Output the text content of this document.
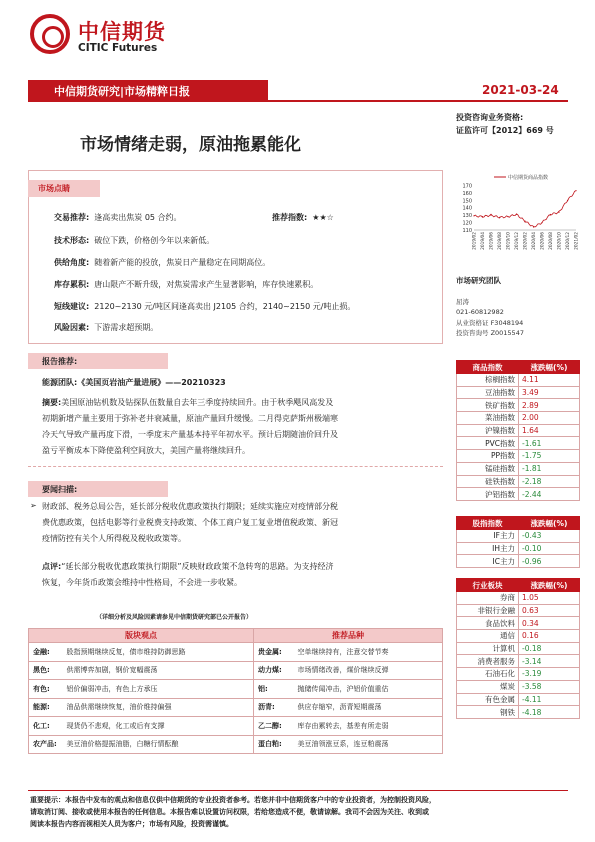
中信期货
CITIC Futures
中信期货研究|市场精粹日报	2021-03-24
投资咨询业务资格:
证监许可【2012】669 号
市场情绪走弱，原油拖累能化
市场点睛
交易推荐: 逢高卖出焦炭 05 合约。	推荐指数: ★★☆
技术形态: 破位下跌，价格创今年以来新低。
供给角度: 随着新产能的投放，焦炭日产量稳定在同期高位。
库存累积: 唐山限产不断升级，对焦炭需求产生显著影响，库存快速累积。
短线建议: 2120~2130 元/吨区间逢高卖出 J2105 合约，2140~2150 元/吨止损。
风险因素: 下游需求超预期。
中信期货商品指数
110
120
130
140
150
160
170
2019/02 2019/04 2019/06 2019/08 2019/10 2019/12 2020/02 2020/04 2020/06 2020/08 2020/10 2020/12 2021/02
市场研究团队
屈涛
021-60812982
从业资格证 F3048194
投资咨询号 Z0015547
报告推荐:
能源团队:《美国页岩油产量进展》——20210323
摘要:美国原油钻机数及钻探队伍数量自去年三季度持续回升。由于秋季飓风高发及
初期新增产量主要用于弥补老井衰减量，原油产量回升缓慢。二月得克萨斯州极端寒
冷天气导致产量再度下滑，一季度末产量基本持平年初水平。预计后期随油价回升及
盈亏平衡成本下降使盈利空间放大，美国产量将继续回升。
要闻扫描:
➢ 财政部、税务总局公告，延长部分税收优惠政策执行期限；延续实施应对疫情部分税
费优惠政策，包括电影等行业税费支持政策、个体工商户复工复业增值税政策、新冠
疫情防控有关个人所得税及税收政策等。
点评:“延长部分税收优惠政策执行期限”反映财政政策不急转弯的思路。为支持经济
恢复，今年货币政策会维持中性格局，不会进一步收紧。
（详细分析及风险因素请参见中信期货研究部已公开报告）
版块观点		推荐品种	
金融:	股指预期继续反复，债市维持防御思路	贵金属:	空单继续持有，注意交替节奏
黑色:	供需博弈加剧，钢价宽幅震荡	动力煤:	市场情绪改善，煤价继续反弹
有色:	铝价偏弱冲击，有色上方承压	铝:	抛储传闻冲击，沪铝价值重估
能源:	油品供需继续恢复，油价维持偏强	沥青:	供应存缩窄，沥青短期震荡
化工:	现货仍不悲观，化工或后有支撑	乙二醇:	库存由累转去，基差有所走弱
农产品:	美豆油价格提振油脂，白糖行情酝酿	蛋白粕:	美豆油领涨豆系，连豆粕震荡
商品指数	涨跌幅(%)
棕榈指数	4.11
豆油指数	3.49
铁矿指数	2.89
菜油指数	2.00
沪镍指数	1.64
PVC指数	-1.61
PP指数	-1.75
锰硅指数	-1.81
硅铁指数	-2.18
沪铝指数	-2.44
股指指数	涨跌幅(%)
IF主力	-0.43
IH主力	-0.10
IC主力	-0.96
行业板块	涨跌幅(%)
券商	1.05
非银行金融	0.63
食品饮料	0.34
通信	0.16
计算机	-0.18
消费者服务	-3.14
石油石化	-3.19
煤炭	-3.58
有色金属	-4.11
钢铁	-4.18
重要提示：本报告中发布的观点和信息仅供中信期货的专业投资者参考。若您并非中信期货客户中的专业投资者，为控制投资风险，
请取消订阅、接收或使用本报告的任何信息。本报告难以设置访问权限，若给您造成不便，敬请谅解。我司不会因为关注、收到或
阅读本报告内容而视相关人员为客户；市场有风险，投资需谨慎。
